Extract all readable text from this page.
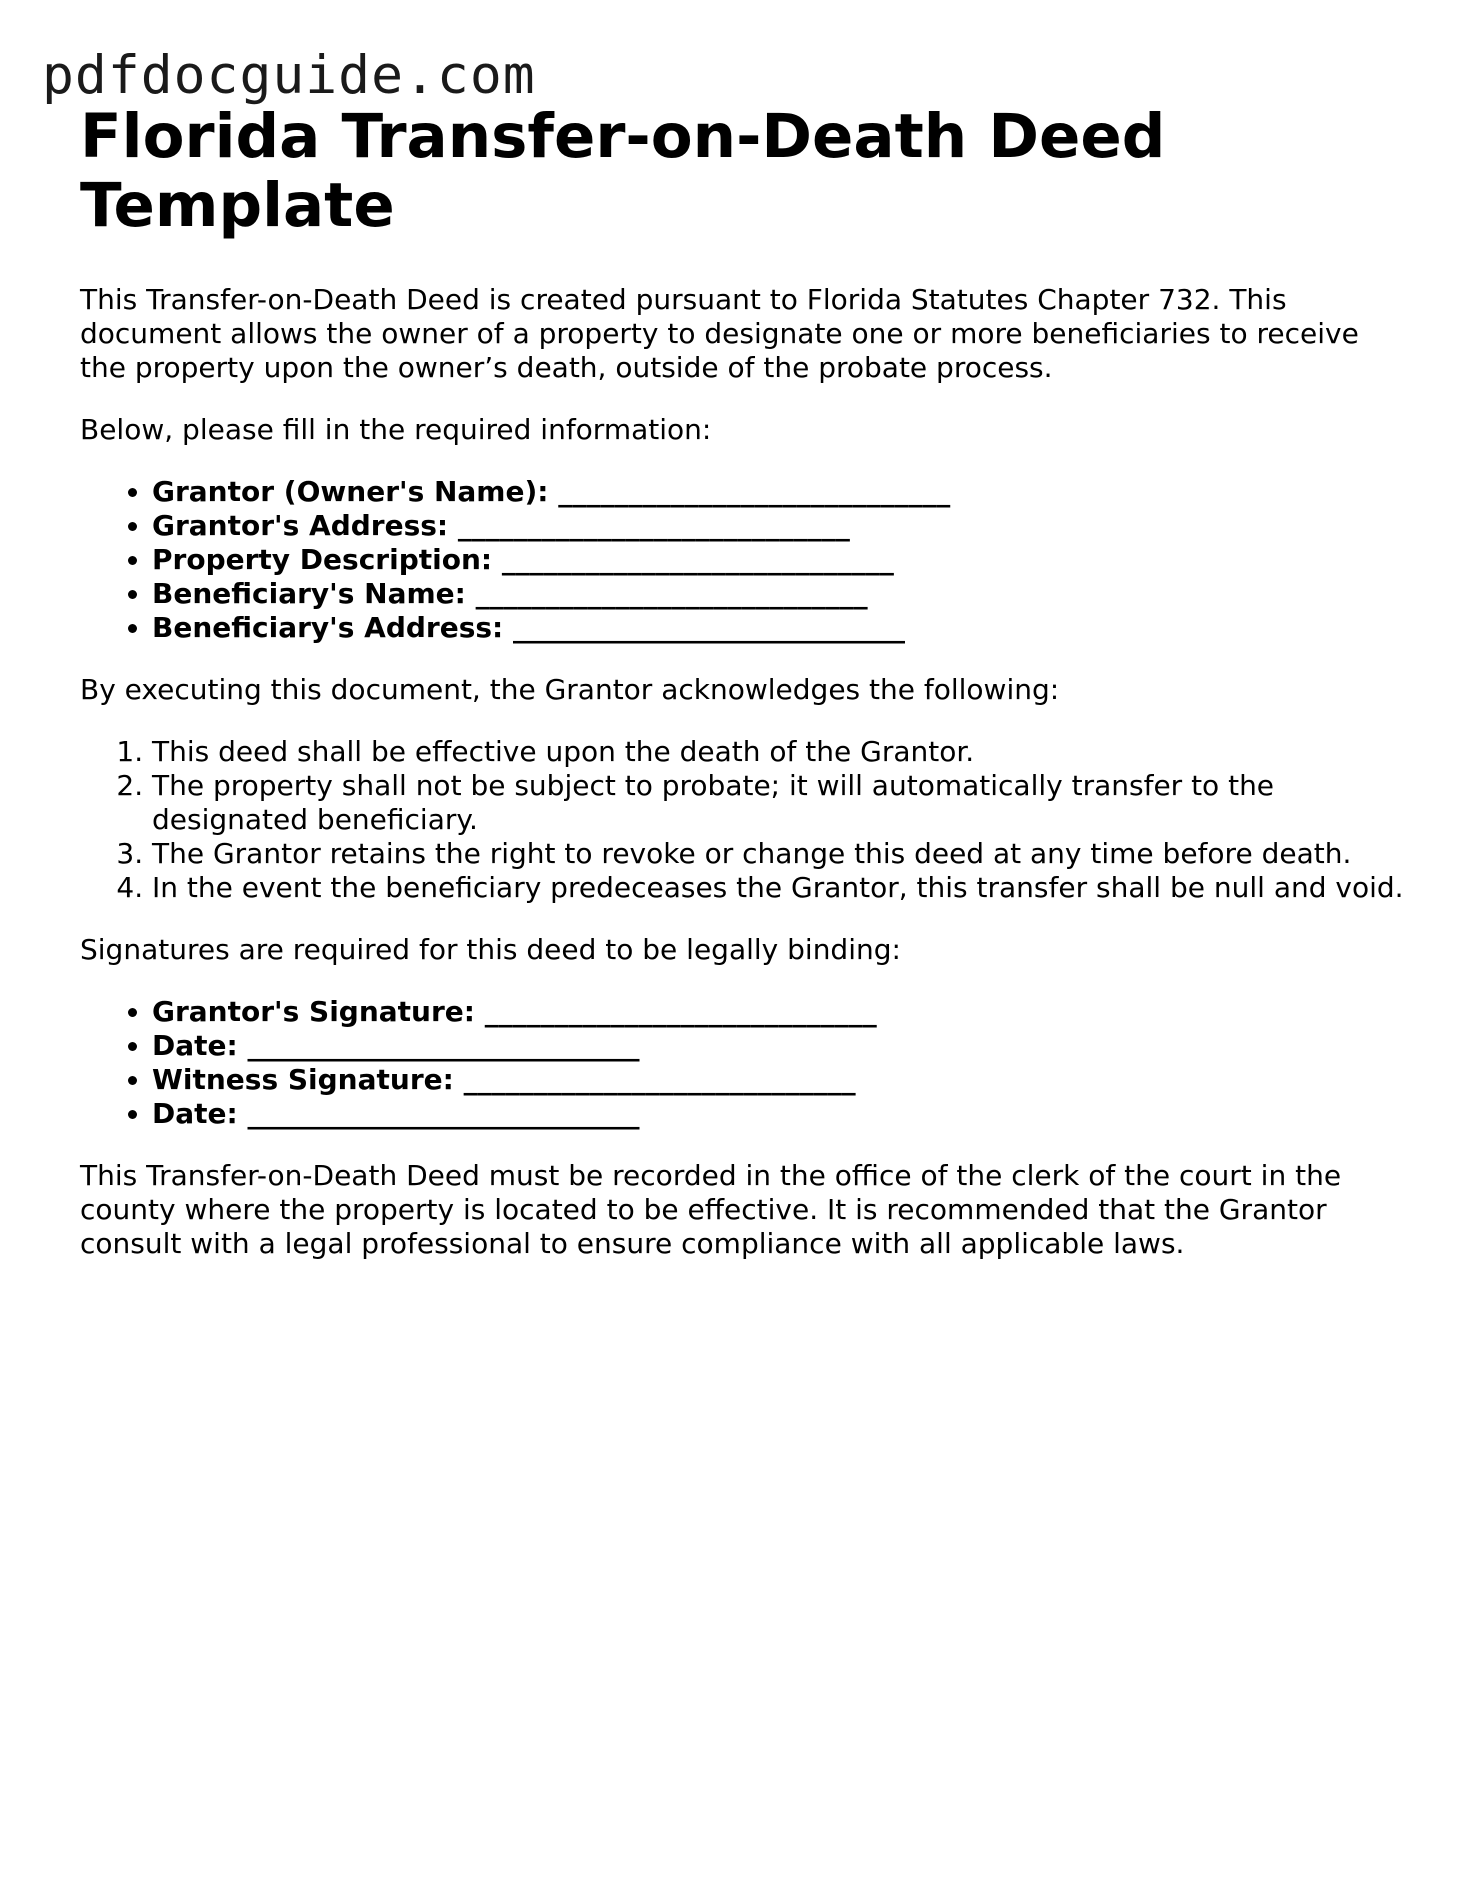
pdfdocguide.com
Florida Transfer-on-Death Deed Template

This Transfer-on-Death Deed is created pursuant to Florida Statutes Chapter 732. This document allows the owner of a property to designate one or more beneficiaries to receive the property upon the owner’s death, outside of the probate process.

Below, please fill in the required information:

• Grantor (Owner's Name): ____________________________
• Grantor's Address: ____________________________
• Property Description: ____________________________
• Beneficiary's Name: ____________________________
• Beneficiary's Address: ____________________________

By executing this document, the Grantor acknowledges the following:

1. This deed shall be effective upon the death of the Grantor.
2. The property shall not be subject to probate; it will automatically transfer to the designated beneficiary.
3. The Grantor retains the right to revoke or change this deed at any time before death.
4. In the event the beneficiary predeceases the Grantor, this transfer shall be null and void.

Signatures are required for this deed to be legally binding:

• Grantor's Signature: ____________________________
• Date: ____________________________
• Witness Signature: ____________________________
• Date: ____________________________

This Transfer-on-Death Deed must be recorded in the office of the clerk of the court in the county where the property is located to be effective. It is recommended that the Grantor consult with a legal professional to ensure compliance with all applicable laws.
